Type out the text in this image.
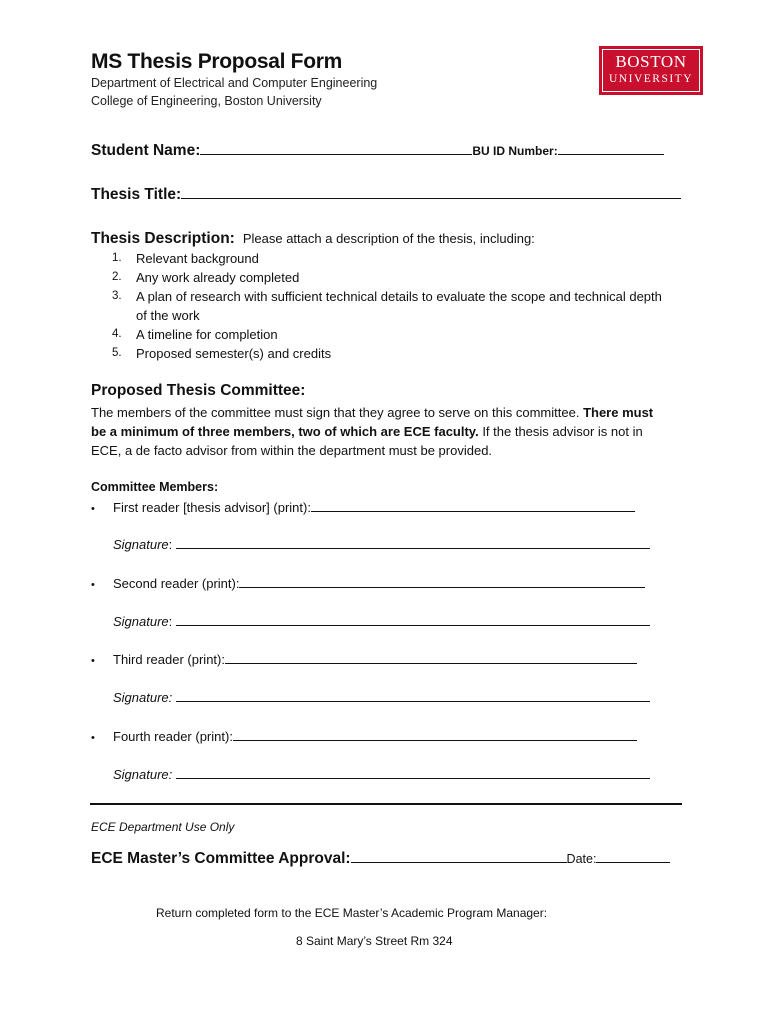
MS Thesis Proposal Form
Department of Electrical and Computer Engineering
College of Engineering, Boston University
BOSTON
UNIVERSITY
Student Name:	BU ID Number:
Thesis Title:
Thesis Description: Please attach a description of the thesis, including:
1. Relevant background
2. Any work already completed
3. A plan of research with sufficient technical details to evaluate the scope and technical depth of the work
4. A timeline for completion
5. Proposed semester(s) and credits
Proposed Thesis Committee:
The members of the committee must sign that they agree to serve on this committee. There must be a minimum of three members, two of which are ECE faculty. If the thesis advisor is not in ECE, a de facto advisor from within the department must be provided.
Committee Members:
• First reader [thesis advisor] (print):
Signature:
• Second reader (print):
Signature:
• Third reader (print):
Signature:
• Fourth reader (print):
Signature:
ECE Department Use Only
ECE Master’s Committee Approval:	Date:
Return completed form to the ECE Master’s Academic Program Manager:
8 Saint Mary’s Street Rm 324
